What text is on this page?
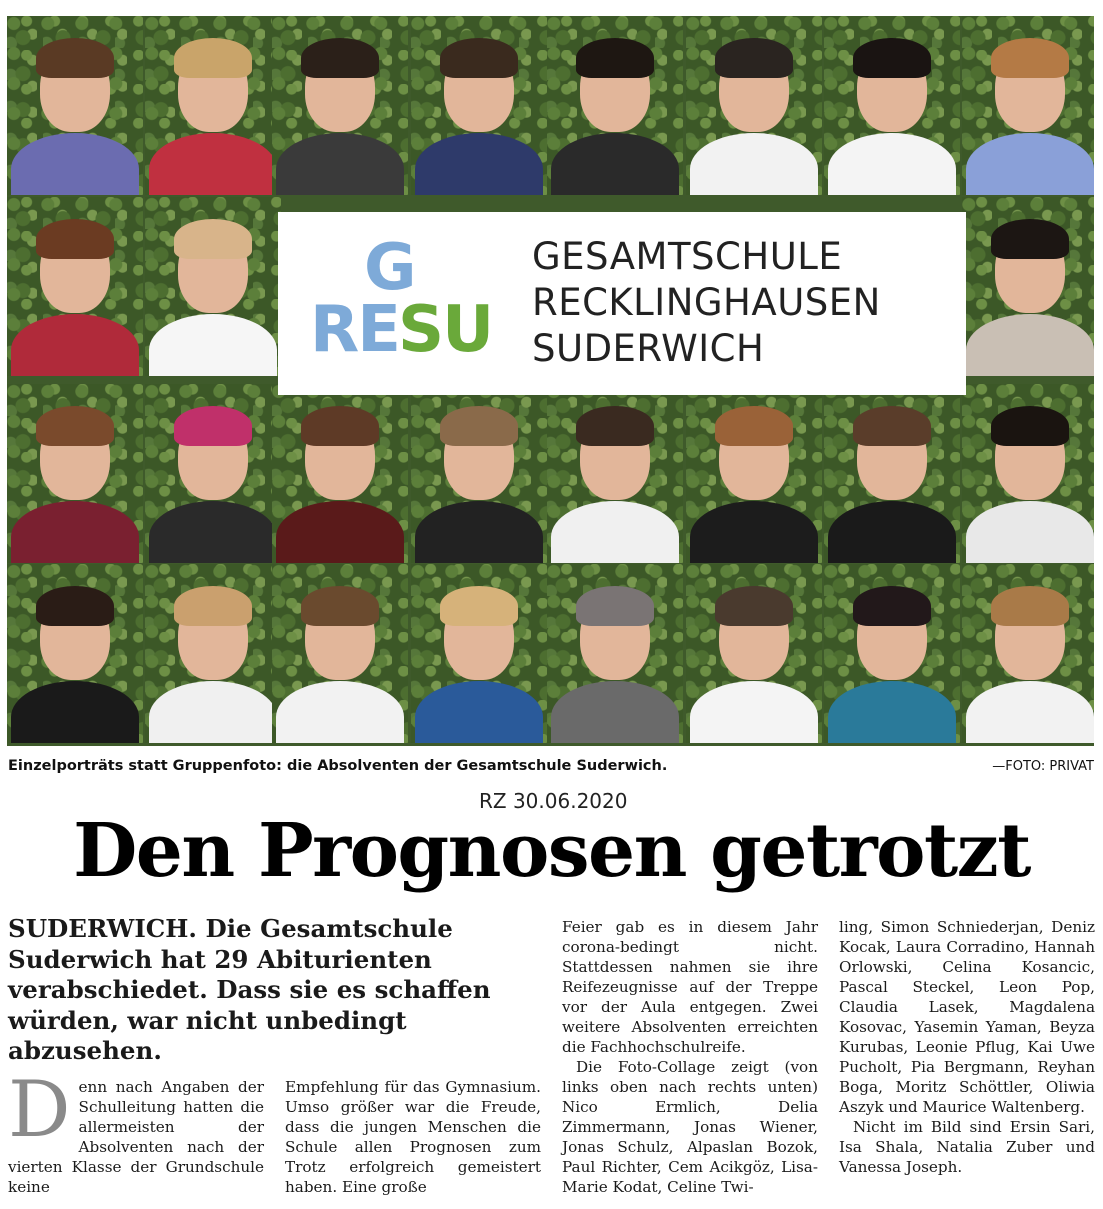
G
RE SU
GESAMTSCHULE
RECKLINGHAUSEN
SUDERWICH
Einzelporträts statt Gruppenfoto: die Absolventen der Gesamtschule Suderwich.	—FOTO: PRIVAT
RZ 30.06.2020
Den Prognosen getrotzt
SUDERWICH. Die Gesamtschule Suderwich hat 29 Abiturienten verabschiedet. Dass sie es schaffen würden, war nicht unbedingt abzusehen.

Denn nach Angaben der Schulleitung hatten die allermeisten der Absolventen nach der vierten Klasse der Grundschule keine

Empfehlung für das Gymnasium. Umso größer war die Freude, dass die jungen Menschen die Schule allen Prognosen zum Trotz erfolgreich gemeistert haben. Eine große

Feier gab es in diesem Jahr corona-bedingt nicht. Stattdessen nahmen sie ihre Reifezeugnisse auf der Treppe vor der Aula entgegen. Zwei weitere Absolventen erreichten die Fachhochschulreife.

Die Foto-Collage zeigt (von links oben nach rechts unten) Nico Ermlich, Delia Zimmermann, Jonas Wiener, Jonas Schulz, Alpaslan Bozok, Paul Richter, Cem Acikgöz, Lisa-Marie Kodat, Celine Twi-

ling, Simon Schniederjan, Deniz Kocak, Laura Corradino, Hannah Orlowski, Celina Kosancic, Pascal Steckel, Leon Pop, Claudia Lasek, Magdalena Kosovac, Yasemin Yaman, Beyza Kurubas, Leonie Pflug, Kai Uwe Pucholt, Pia Bergmann, Reyhan Boga, Moritz Schöttler, Oliwia Aszyk und Maurice Waltenberg.

Nicht im Bild sind Ersin Sari, Isa Shala, Natalia Zuber und Vanessa Joseph.
